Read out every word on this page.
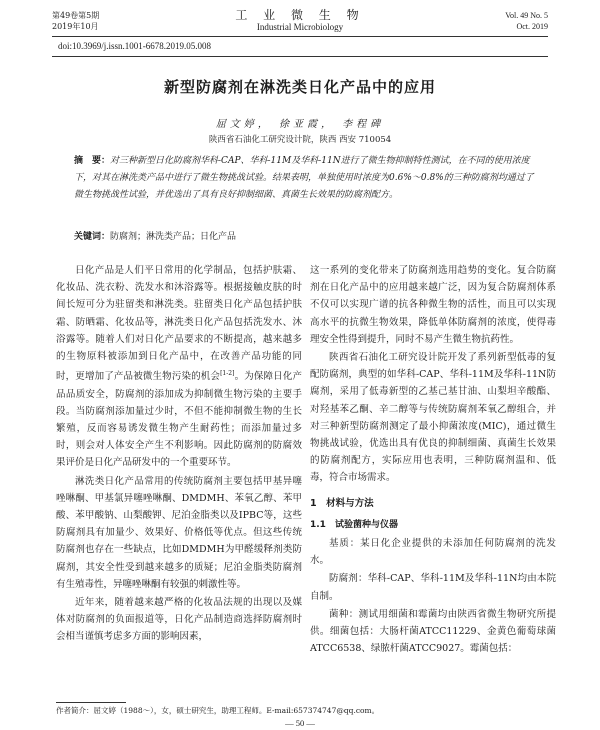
第49卷第5期
2019年10月
工 业 微 生 物
Industrial Microbiology
Vol. 49 No. 5
Oct. 2019
doi:10.3969/j.issn.1001-6678.2019.05.008
新型防腐剂在淋洗类日化产品中的应用
屈文婷， 徐亚霞， 李程碑
陕西省石油化工研究设计院，陕西 西安 710054
摘　要：对三种新型日化防腐剂华科-CAP、华科-11M及华科-11N进行了微生物抑制特性测试，在不同的使用浓度下，对其在淋洗类产品中进行了微生物挑战试验。结果表明，单独使用时浓度为0.6%～0.8%的三种防腐剂均通过了微生物挑战性试验，并优选出了具有良好抑制细菌、真菌生长效果的防腐剂配方。
关键词：防腐剂；淋洗类产品；日化产品

日化产品是人们平日常用的化学制品，包括护肤霜、化妆品、洗衣粉、洗发水和沐浴露等。根据接触皮肤的时间长短可分为驻留类和淋洗类。驻留类日化产品包括护肤霜、防晒霜、化妆品等，淋洗类日化产品包括洗发水、沐浴露等。随着人们对日化产品要求的不断提高，越来越多的生物原料被添加到日化产品中，在改善产品功能的同时，更增加了产品被微生物污染的机会[1-2]。为保障日化产品品质安全，防腐剂的添加成为抑制微生物污染的主要手段。当防腐剂添加量过少时，不但不能抑制微生物的生长繁殖，反而容易诱发微生物产生耐药性；而添加量过多时，则会对人体安全产生不利影响。因此防腐剂的防腐效果评价是日化产品研发中的一个重要环节。

淋洗类日化产品常用的传统防腐剂主要包括甲基异噻唑啉酮、甲基氯异噻唑啉酮、DMDMH、苯氧乙醇、苯甲酸、苯甲酸钠、山梨酸钾、尼泊金脂类以及IPBC等，这些防腐剂具有加量少、效果好、价格低等优点。但这些传统防腐剂也存在一些缺点，比如DMDMH为甲醛缓释剂类防腐剂，其安全性受到越来越多的质疑；尼泊金脂类防腐剂有生殖毒性，异噻唑啉酮有较强的刺激性等。

近年来，随着越来越严格的化妆品法规的出现以及媒体对防腐剂的负面报道等，日化产品制造商选择防腐剂时会相当谨慎考虑多方面的影响因素，

这一系列的变化带来了防腐剂选用趋势的变化。复合防腐剂在日化产品中的应用越来越广泛，因为复合防腐剂体系不仅可以实现广谱的抗各种微生物的活性，而且可以实现高水平的抗微生物效果，降低单体防腐剂的浓度，使得毒理安全性得到提升，同时不易产生微生物抗药性。

陕西省石油化工研究设计院开发了系列新型低毒的复配防腐剂，典型的如华科-CAP、华科-11M及华科-11N防腐剂，采用了低毒新型的乙基己基甘油、山梨坦辛酸酯、对羟基苯乙酮、辛二醇等与传统防腐剂苯氧乙醇组合，并对三种新型防腐剂测定了最小抑菌浓度(MIC)，通过微生物挑战试验，优选出具有优良的抑制细菌、真菌生长效果的防腐剂配方，实际应用也表明，三种防腐剂温和、低毒，符合市场需求。

1　材料与方法
1.1　试验菌种与仪器

基质：某日化企业提供的未添加任何防腐剂的洗发水。

防腐剂：华科-CAP、华科-11M及华科-11N均由本院自制。

菌种：测试用细菌和霉菌均由陕西省微生物研究所提供。细菌包括：大肠杆菌ATCC11229、金黄色葡萄球菌ATCC6538、绿脓杆菌ATCC9027。霉菌包括：

作者简介：屈文婷（1988～），女，硕士研究生，助理工程师。E-mail:657374747@qq.com。
— 50 —
